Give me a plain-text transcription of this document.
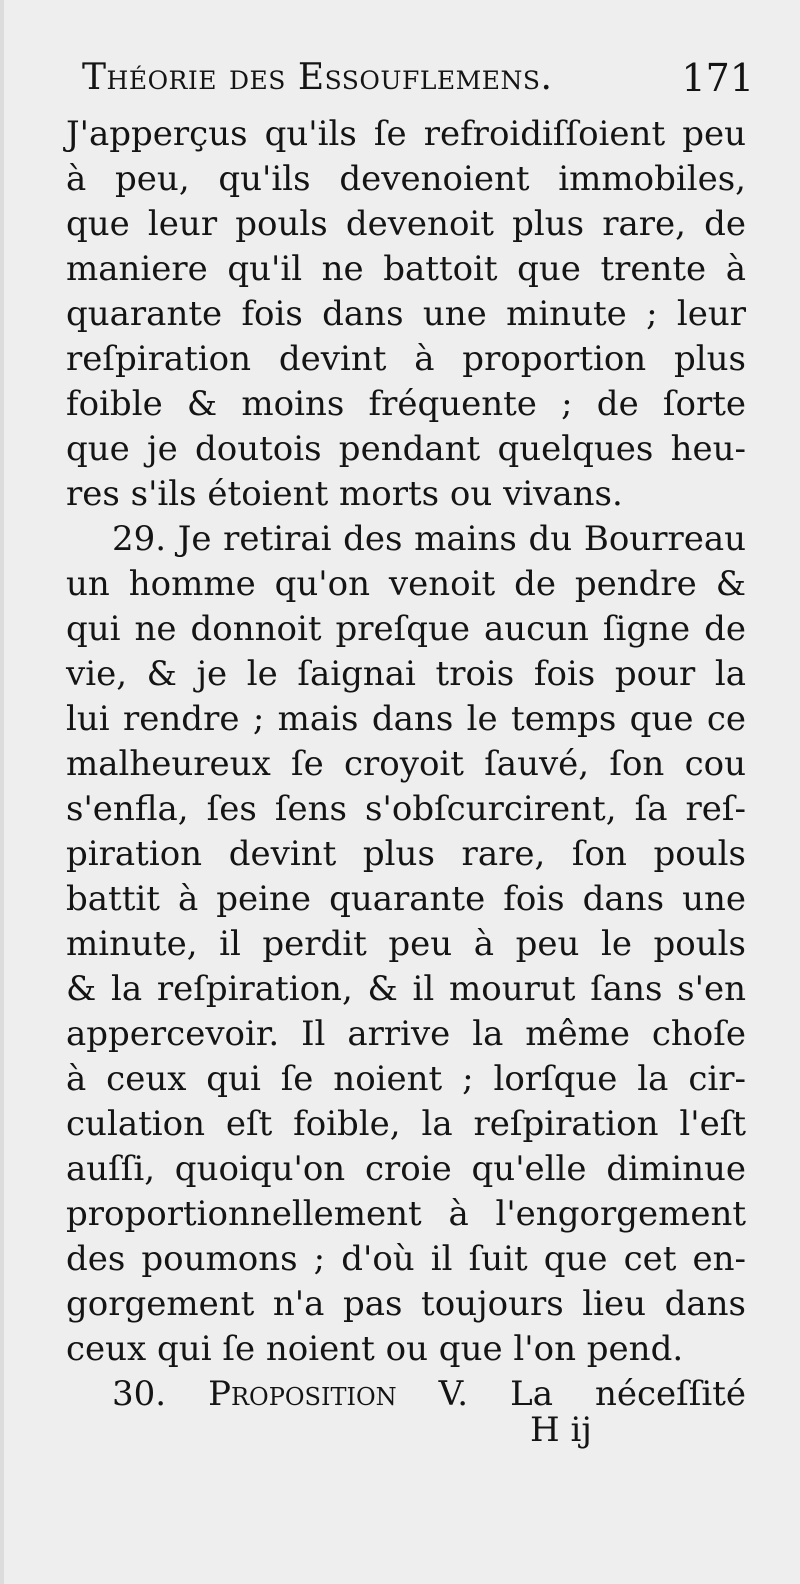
Théorie des Essouflemens.	171
J'apperçus qu'ils ſe refroidiſſoient peu
à peu, qu'ils devenoient immobiles,
que leur pouls devenoit plus rare, de
maniere qu'il ne battoit que trente à
quarante fois dans une minute ; leur
reſpiration devint à proportion plus
foible & moins fréquente ; de ſorte
que je doutois pendant quelques heu-
res s'ils étoient morts ou vivans.
29. Je retirai des mains du Bourreau
un homme qu'on venoit de pendre &
qui ne donnoit preſque aucun ſigne de
vie, & je le ſaignai trois fois pour la
lui rendre ; mais dans le temps que ce
malheureux ſe croyoit ſauvé, ſon cou
s'enfla, ſes ſens s'obſcurcirent, ſa reſ-
piration devint plus rare, ſon pouls
battit à peine quarante fois dans une
minute, il perdit peu à peu le pouls
& la reſpiration, & il mourut ſans s'en
appercevoir. Il arrive la même choſe
à ceux qui ſe noient ; lorſque la cir-
culation eſt foible, la reſpiration l'eſt
auſſi, quoiqu'on croie qu'elle diminue
proportionnellement à l'engorgement
des poumons ; d'où il ſuit que cet en-
gorgement n'a pas toujours lieu dans
ceux qui ſe noient ou que l'on pend.
30. Proposition V. La néceſſité
H ij
